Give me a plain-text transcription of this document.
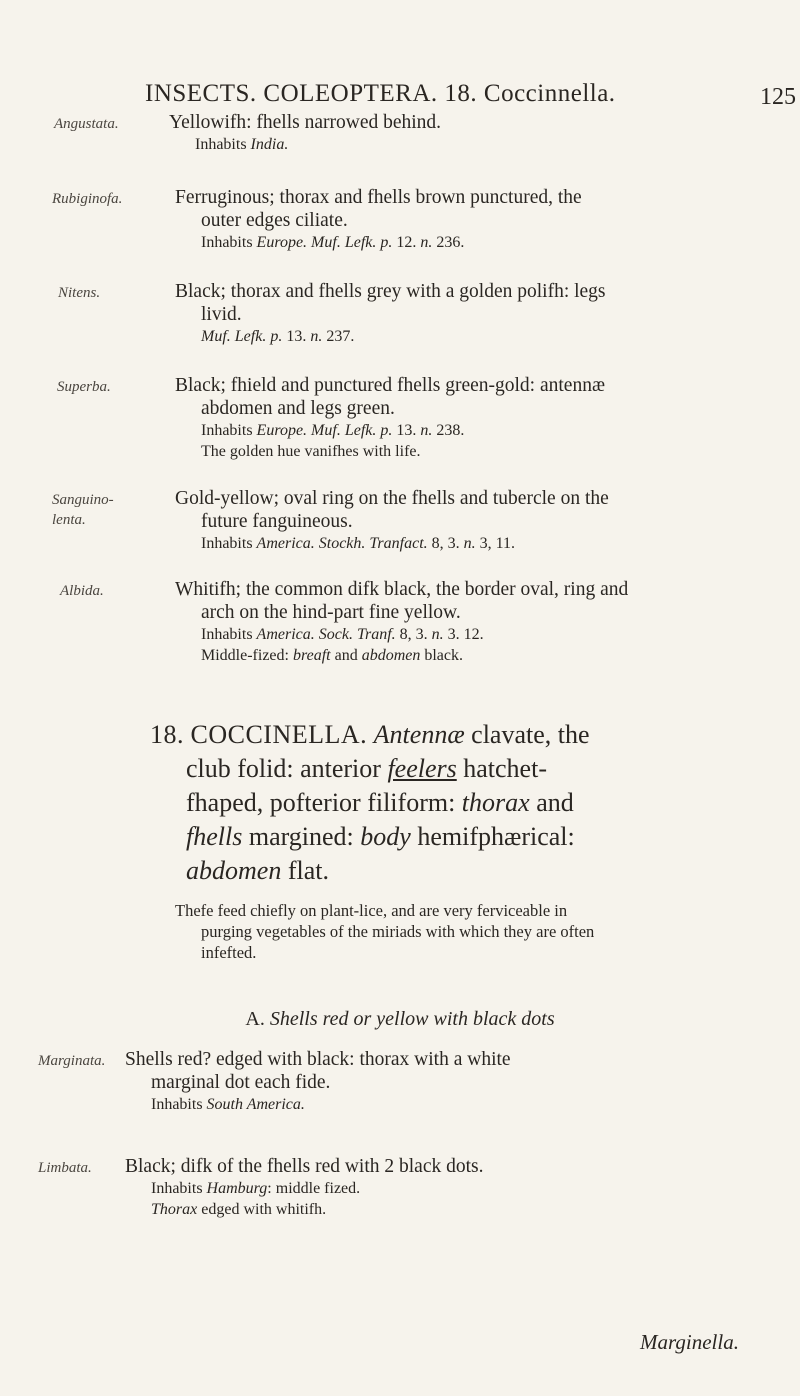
INSECTS. COLEOPTERA. 18. Coccinnella.	125
Angustata.	Yellowifh: fhells narrowed behind.
Inhabits India.
Rubiginofa.	Ferruginous; thorax and fhells brown punctured, the
outer edges ciliate.
Inhabits Europe. Muf. Lefk. p. 12. n. 236.
Nitens.	Black; thorax and fhells grey with a golden polifh: legs
livid.
Muf. Lefk. p. 13. n. 237.
Superba.	Black; fhield and punctured fhells green-gold: antennæ
abdomen and legs green.
Inhabits Europe. Muf. Lefk. p. 13. n. 238.
The golden hue vanifhes with life.
Sanguino-
lenta.
Gold-yellow; oval ring on the fhells and tubercle on the
future fanguineous.
Inhabits America. Stockh. Tranfact. 8, 3. n. 3, 11.
Albida.	Whitifh; the common difk black, the border oval, ring and
arch on the hind-part fine yellow.
Inhabits America. Sock. Tranf. 8, 3. n. 3. 12.
Middle-fized: breaft and abdomen black.
18. COCCINELLA. Antennæ clavate, the
club folid: anterior feelers hatchet-
fhaped, pofterior filiform: thorax and
fhells margined: body hemifphærical:
abdomen flat.
Thefe feed chiefly on plant-lice, and are very ferviceable in
purging vegetables of the miriads with which they are often
infefted.
A. Shells red or yellow with black dots
Marginata. Shells red? edged with black: thorax with a white
marginal dot each fide.
Inhabits South America.
Limbata. Black; difk of the fhells red with 2 black dots.
Inhabits Hamburg: middle fized.
Thorax edged with whitifh.
Marginella.
